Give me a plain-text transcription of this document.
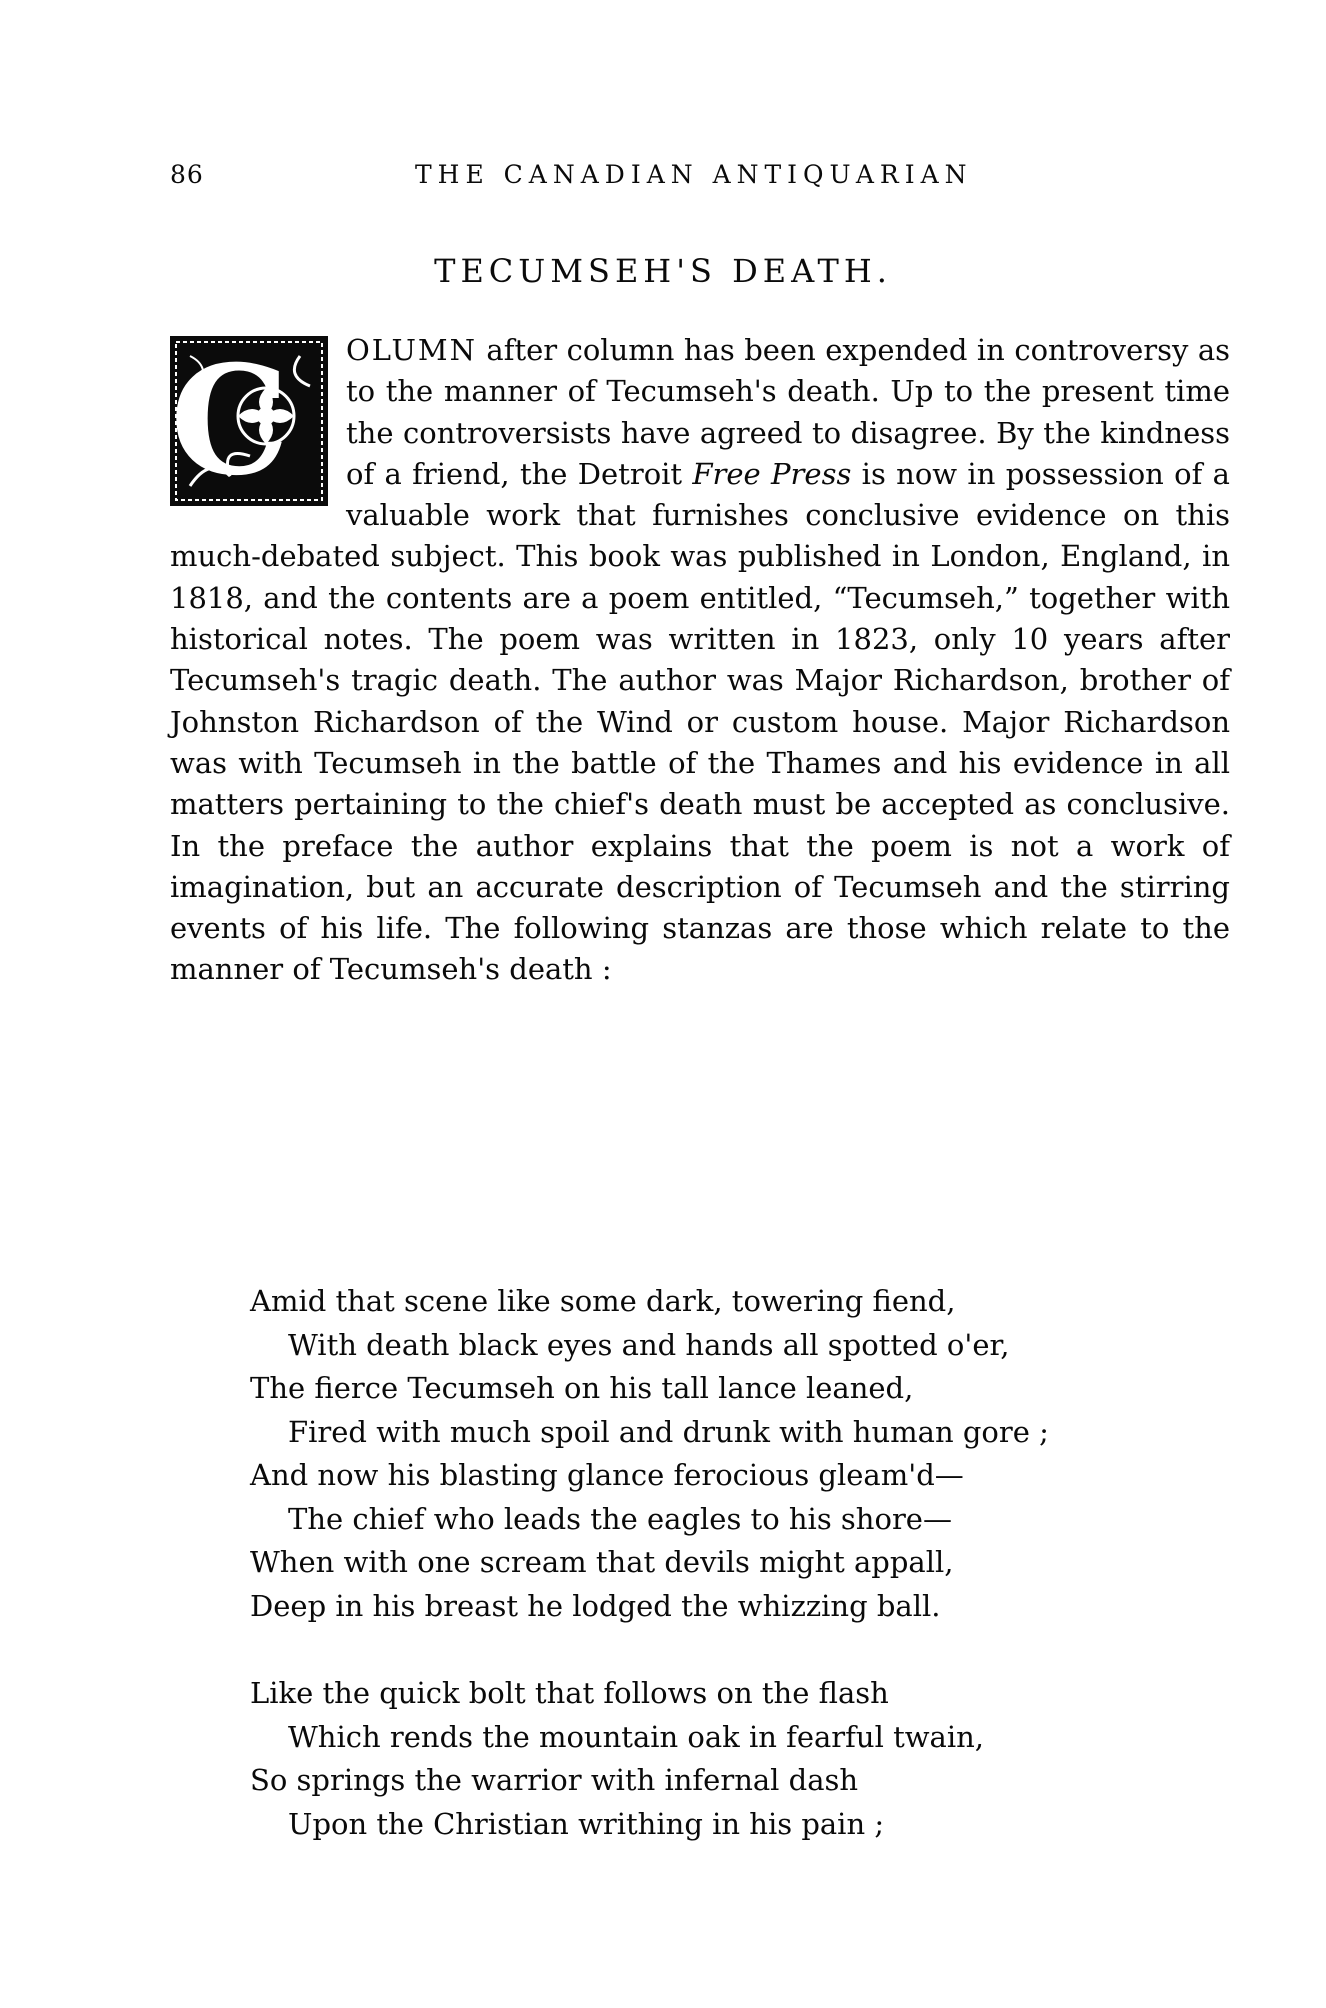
86	THE CANADIAN ANTIQUARIAN
TECUMSEH'S DEATH.
C	OLUMN after column has been expended in controversy as to the manner of Tecumseh's death. Up to the present time the controversists have agreed to disagree. By the kindness of a friend, the Detroit Free Press is now in possession of a valuable work that furnishes conclusive evidence on this much-debated subject. This book was published in London, England, in 1818, and the contents are a poem entitled, “Tecumseh,” together with historical notes. The poem was written in 1823, only 10 years after Tecumseh's tragic death. The author was Major Richardson, brother of Johnston Richardson of the Wind or custom house. Major Richardson was with Tecumseh in the battle of the Thames and his evidence in all matters pertaining to the chief's death must be accepted as conclusive. In the preface the author explains that the poem is not a work of imagination, but an accurate description of Tecumseh and the stirring events of his life. The following stanzas are those which relate to the manner of Tecumseh's death :

Amid that scene like some dark, towering fiend,
With death black eyes and hands all spotted o'er,
The fierce Tecumseh on his tall lance leaned,
Fired with much spoil and drunk with human gore ;
And now his blasting glance ferocious gleam'd—
The chief who leads the eagles to his shore—
When with one scream that devils might appall,
Deep in his breast he lodged the whizzing ball.

Like the quick bolt that follows on the flash
Which rends the mountain oak in fearful twain,
So springs the warrior with infernal dash
Upon the Christian writhing in his pain ;
